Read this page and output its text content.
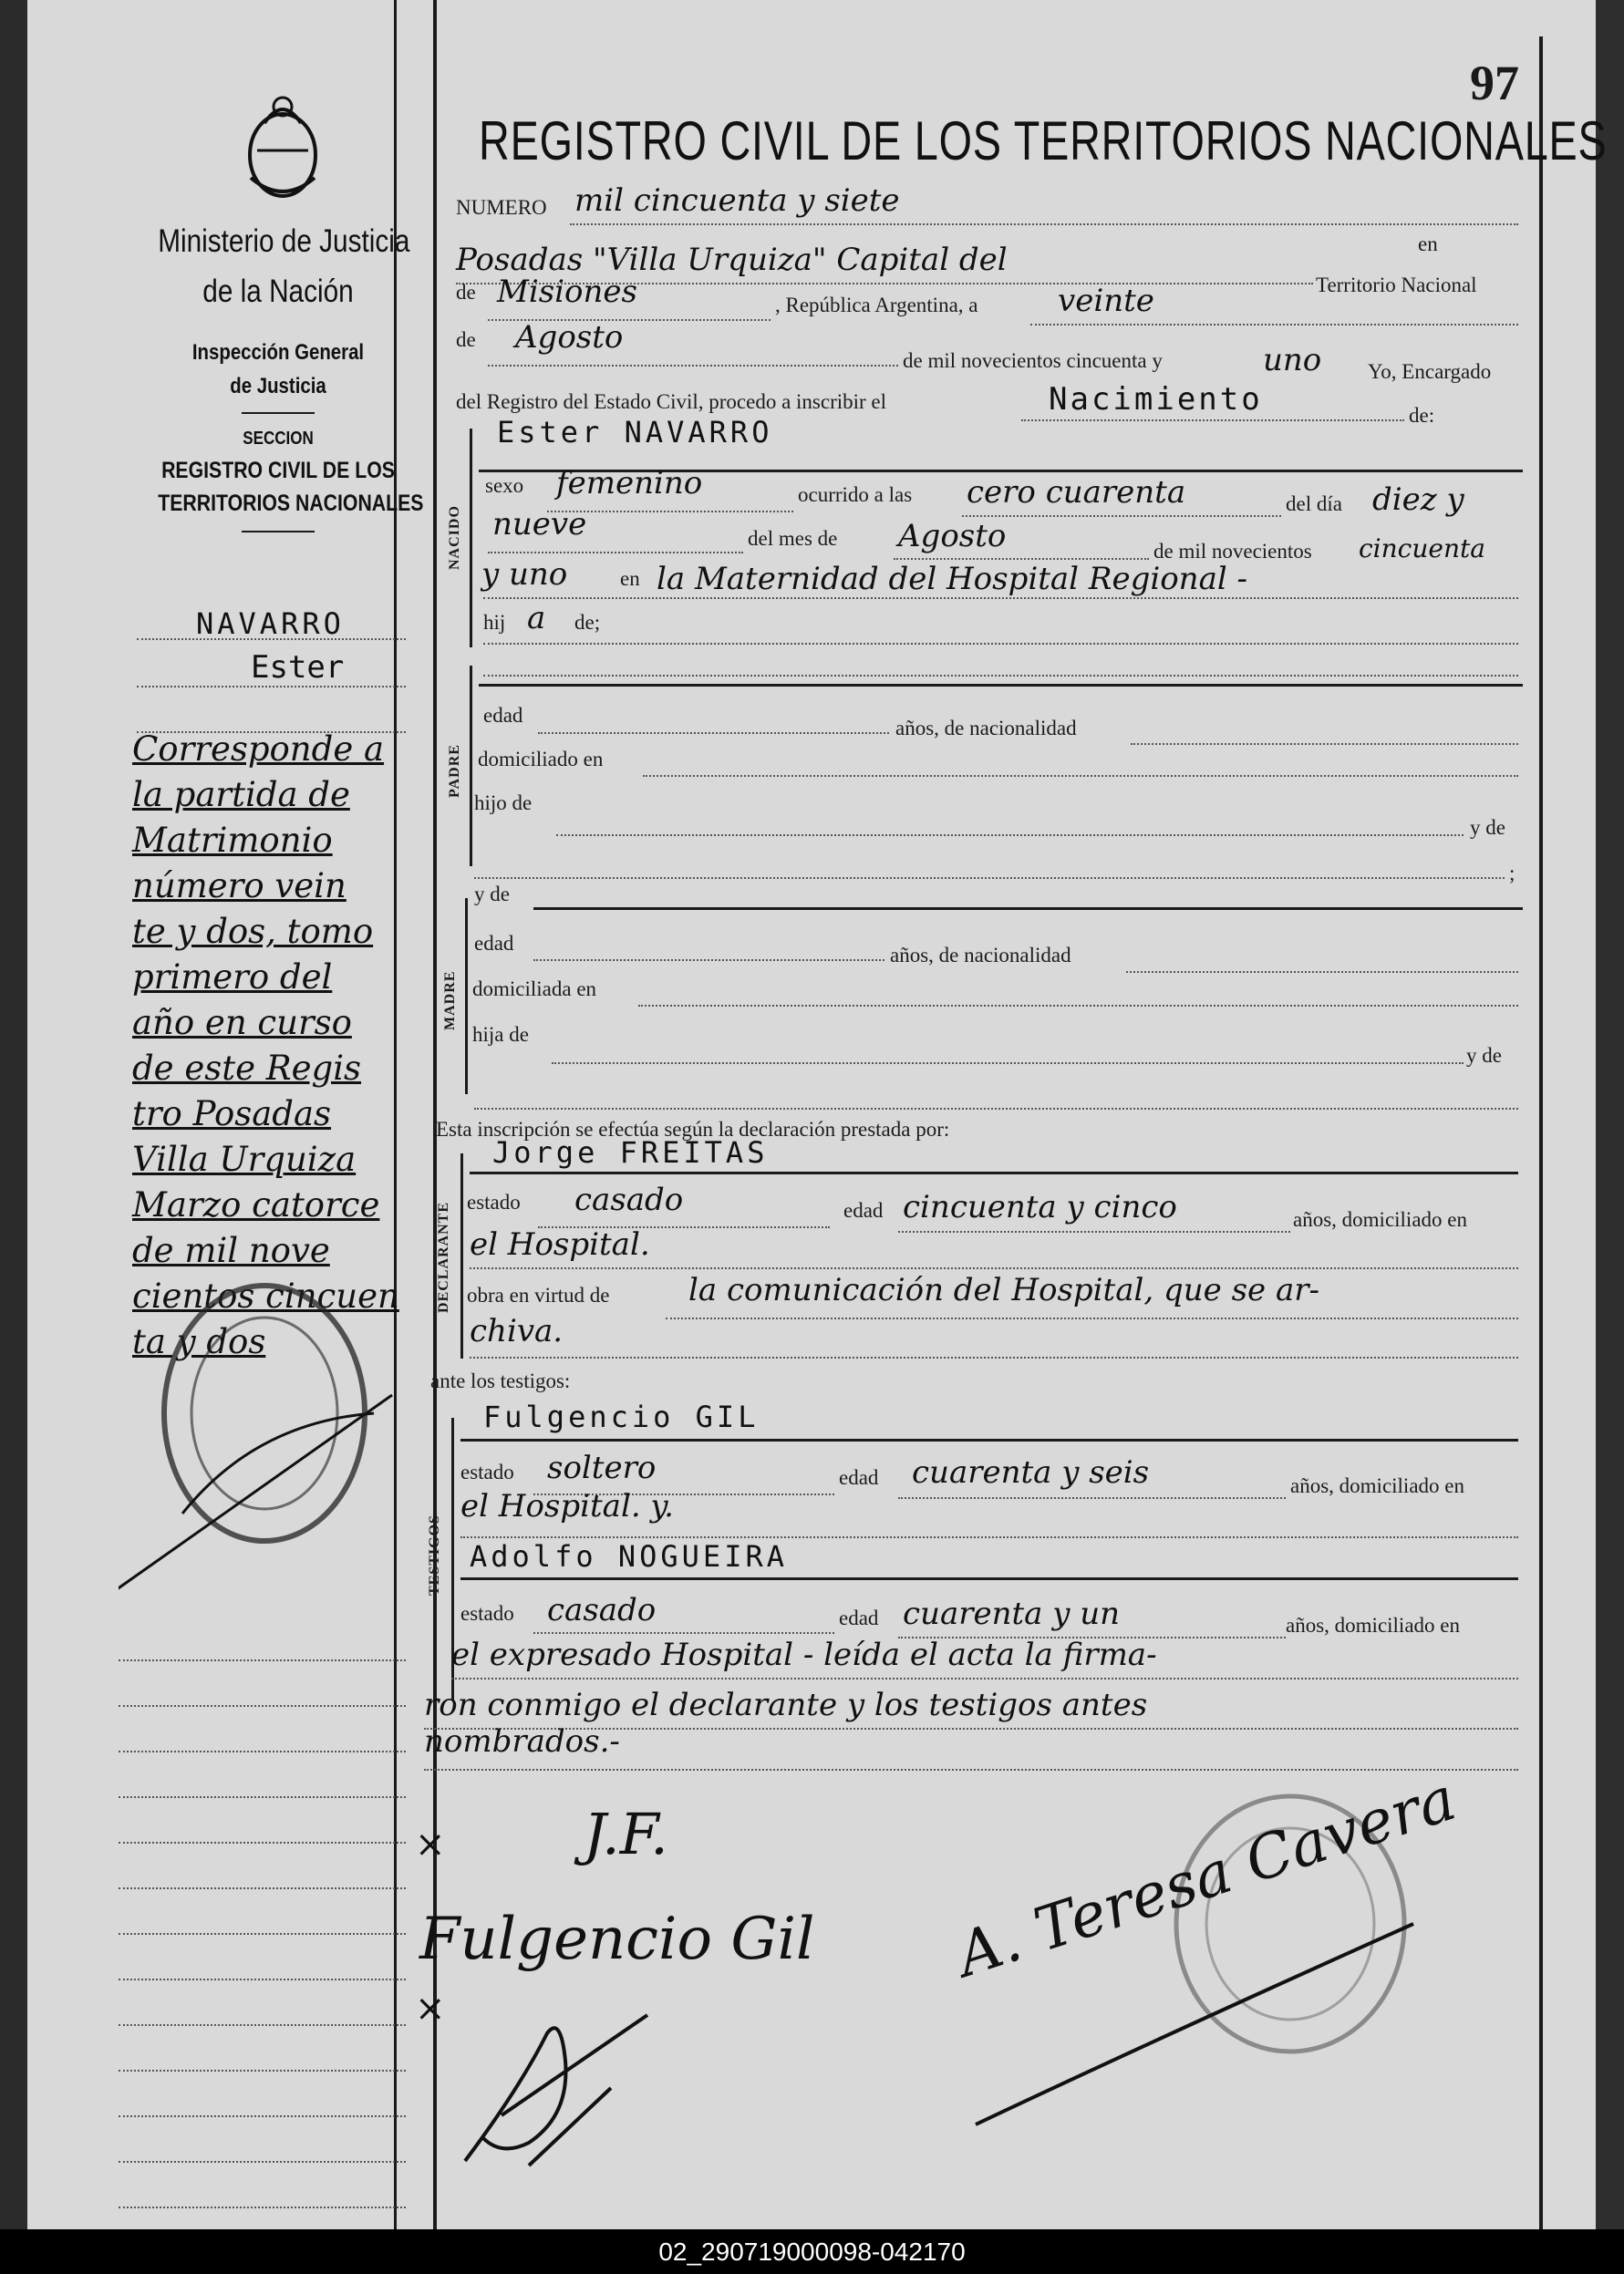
97
REGISTRO CIVIL DE LOS TERRITORIOS NACIONALES
Ministerio de Justicia
de la Nación
Inspección General
de Justicia
SECCION
REGISTRO CIVIL DE LOS
TERRITORIOS NACIONALES
NAVARRO
Ester
Corresponde a
la partida de
Matrimonio
número vein
te y dos, tomo
primero del
año en curso
de este Regis
tro Posadas
Villa Urquiza
Marzo catorce
de mil nove
cientos cincuen
ta y dos
NUMERO mil cincuenta y siete
Posadas "Villa Urquiza" Capital del	en
Territorio Nacional
de Misiones	, República Argentina, a	veinte
de Agosto
de mil novecientos cincuenta y	uno Yo, Encargado
del Registro del Estado Civil, procedo a inscribir el	Nacimiento	de:
Ester NAVARRO
NACIDO
sexo femenino	ocurrido a las cero cuarenta	del día diez y
nueve	del mes de Agosto	de mil novecientos cincuenta
y uno	en la Maternidad del Hospital Regional -
hij a de;
PADRE
edad
años, de nacionalidad
domiciliado en
hijo de
y de
;
y de
MADRE
edad
años, de nacionalidad
domiciliada en
hija de
y de
Esta inscripción se efectúa según la declaración prestada por:
Jorge FREITAS
DECLARANTE estado casado	edad cincuenta y cinco	años, domiciliado en
el Hospital.
obra en virtud de	la comunicación del Hospital, que se ar-
chiva.
ante los testigos:
Fulgencio GIL
TESTIGOS
estado soltero	edad cuarenta y seis	años, domiciliado en
el Hospital. y.
Adolfo NOGUEIRA
estado casado	edad cuarenta y un	años, domiciliado en
el expresado Hospital - leída el acta la firma-
ron conmigo el declarante y los testigos antes
nombrados.-
× J.F.
Fulgencio Gil
×
A. Teresa Cavera
02_290719000098-042170
